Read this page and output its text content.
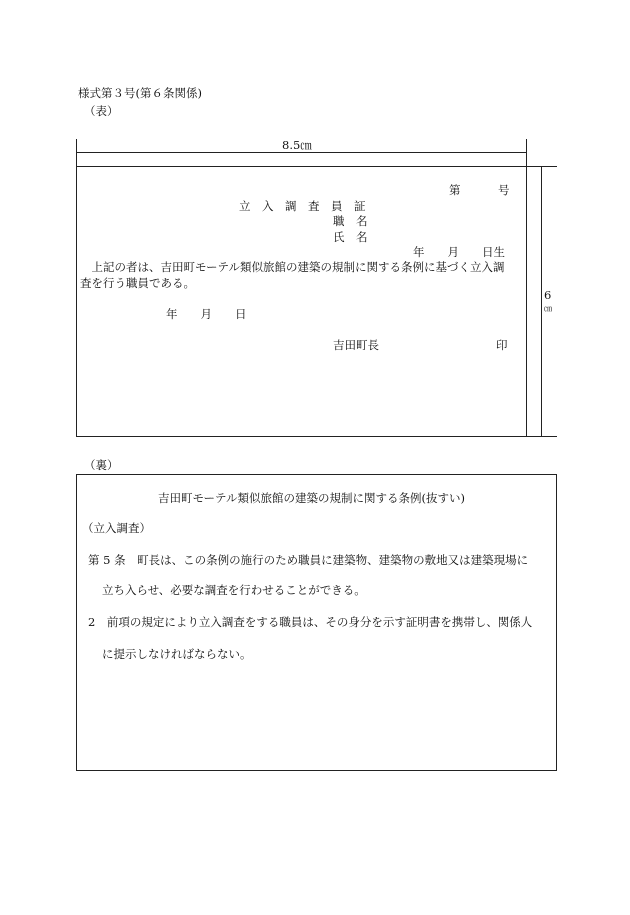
様式第３号(第６条関係)
（表）
8.5㎝
6
㎝
第	号
立　入　調　査　員　証
職　名
氏　名
年　　月　　日生
　上記の者は、吉田町モーテル類似旅館の建築の規制に関する条例に基づく立入調
査を行う職員である。
年　　月　　日
吉田町長	印
（裏）
吉田町モーテル類似旅館の建築の規制に関する条例(抜すい)
（立入調査）
第 5 条　町長は、この条例の施行のため職員に建築物、建築物の敷地又は建築現場に
立ち入らせ、必要な調査を行わせることができる。
2　前項の規定により立入調査をする職員は、その身分を示す証明書を携帯し、関係人
に提示しなければならない。
